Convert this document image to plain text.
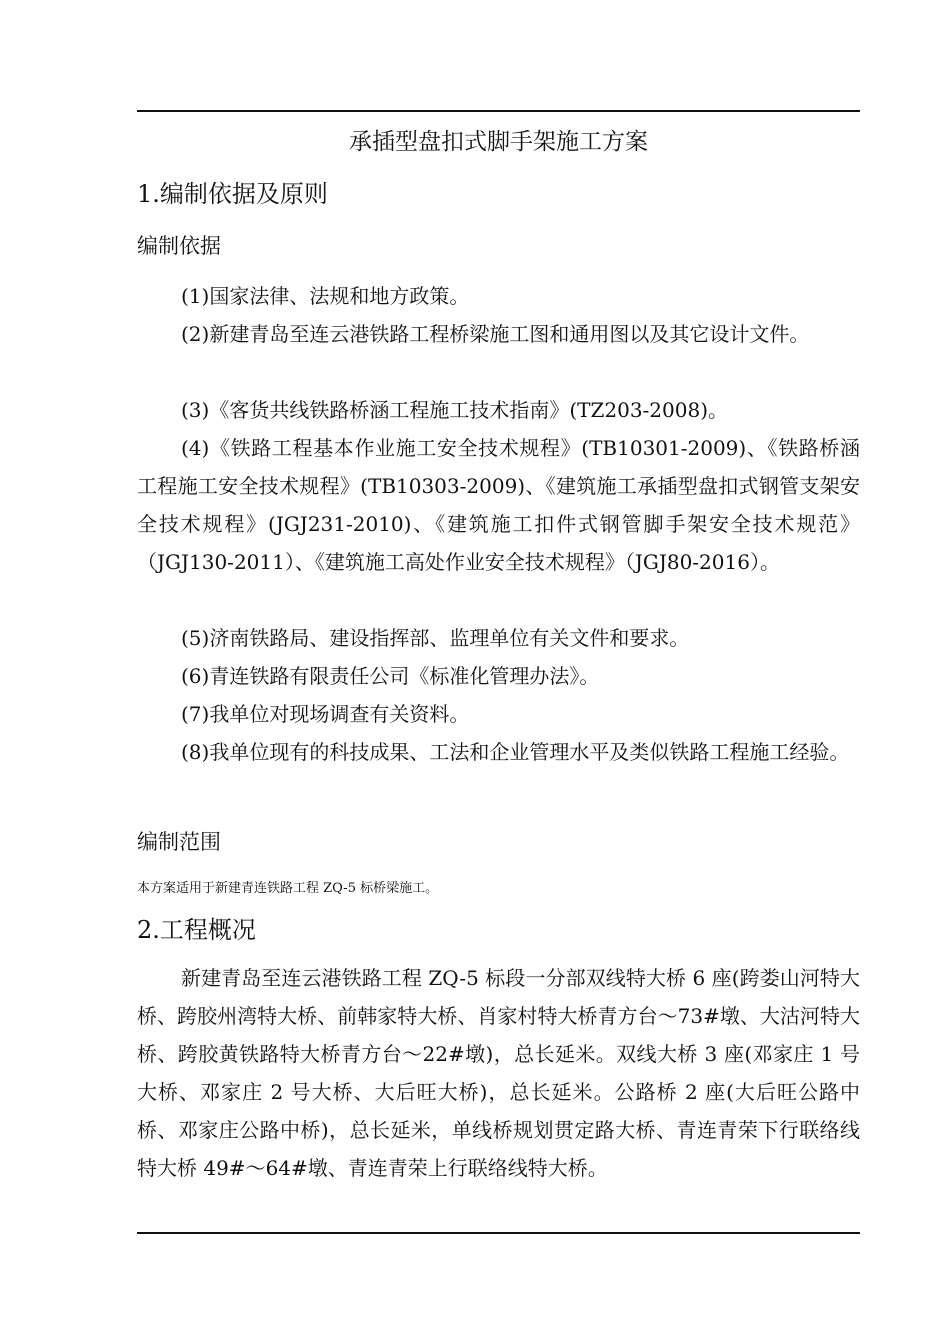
承插型盘扣式脚手架施工方案
1.编制依据及原则
编制依据
(1)国家法律、法规和地方政策。
(2)新建青岛至连云港铁路工程桥梁施工图和通用图以及其它设计文件。
(3)《客货共线铁路桥涵工程施工技术指南》(TZ203-2008)。
(4)《铁路工程基本作业施工安全技术规程》(TB10301-2009)、《铁路桥涵工程施工安全技术规程》(TB10303-2009)、《建筑施工承插型盘扣式钢管支架安全技术规程》(JGJ231-2010)、《建筑施工扣件式钢管脚手架安全技术规范》（JGJ130-2011）、《建筑施工高处作业安全技术规程》（JGJ80-2016）。
(5)济南铁路局、建设指挥部、监理单位有关文件和要求。
(6)青连铁路有限责任公司《标准化管理办法》。
(7)我单位对现场调查有关资料。
(8)我单位现有的科技成果、工法和企业管理水平及类似铁路工程施工经验。
编制范围
本方案适用于新建青连铁路工程 ZQ-5 标桥梁施工。
2.工程概况
新建青岛至连云港铁路工程 ZQ-5 标段一分部双线特大桥 6 座(跨娄山河特大桥、跨胶州湾特大桥、前韩家特大桥、肖家村特大桥青方台～73#墩、大沽河特大桥、跨胶黄铁路特大桥青方台～22#墩)，总长延米。双线大桥 3 座(邓家庄 1 号大桥、邓家庄 2 号大桥、大后旺大桥)，总长延米。公路桥 2 座(大后旺公路中桥、邓家庄公路中桥)，总长延米，单线桥规划贯定路大桥、青连青荣下行联络线特大桥 49#～64#墩、青连青荣上行联络线特大桥。
